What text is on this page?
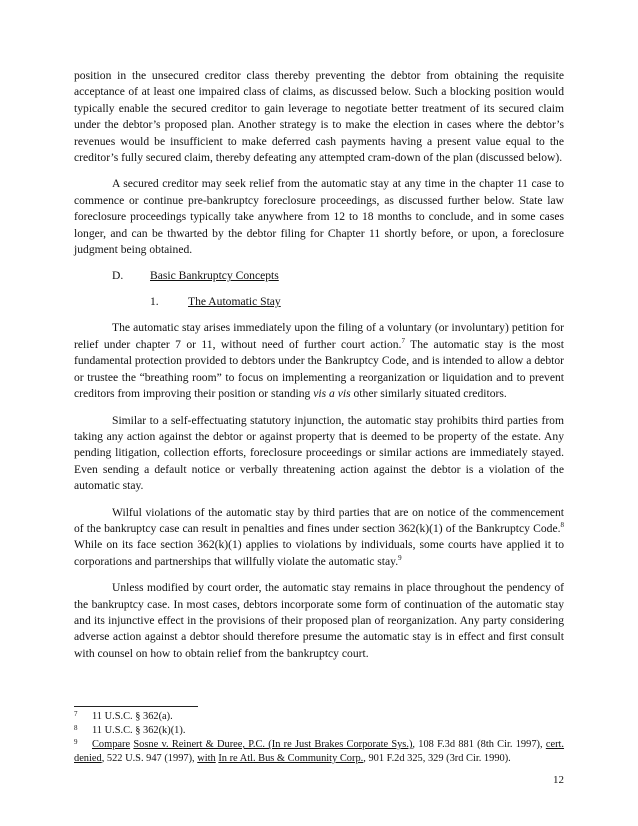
position in the unsecured creditor class thereby preventing the debtor from obtaining the requisite acceptance of at least one impaired class of claims, as discussed below. Such a blocking position would typically enable the secured creditor to gain leverage to negotiate better treatment of its secured claim under the debtor’s proposed plan. Another strategy is to make the election in cases where the debtor’s revenues would be insufficient to make deferred cash payments having a present value equal to the creditor’s fully secured claim, thereby defeating any attempted cram-down of the plan (discussed below).

A secured creditor may seek relief from the automatic stay at any time in the chapter 11 case to commence or continue pre-bankruptcy foreclosure proceedings, as discussed further below. State law foreclosure proceedings typically take anywhere from 12 to 18 months to conclude, and in some cases longer, and can be thwarted by the debtor filing for Chapter 11 shortly before, or upon, a foreclosure judgment being obtained.

D. Basic Bankruptcy Concepts
1.	The Automatic Stay

The automatic stay arises immediately upon the filing of a voluntary (or involuntary) petition for relief under chapter 7 or 11, without need of further court action.$^7$ The automatic stay is the most fundamental protection provided to debtors under the Bankruptcy Code, and is intended to allow a debtor or trustee the “breathing room” to focus on implementing a reorganization or liquidation and to prevent creditors from improving their position or standing vis a vis other similarly situated creditors.

Similar to a self-effectuating statutory injunction, the automatic stay prohibits third parties from taking any action against the debtor or against property that is deemed to be property of the estate. Any pending litigation, collection efforts, foreclosure proceedings or similar actions are immediately stayed. Even sending a default notice or verbally threatening action against the debtor is a violation of the automatic stay.

Wilful violations of the automatic stay by third parties that are on notice of the commencement of the bankruptcy case can result in penalties and fines under section 362(k)(1) of the Bankruptcy Code.$^8$ While on its face section 362(k)(1) applies to violations by individuals, some courts have applied it to corporations and partnerships that willfully violate the automatic stay.$^9$

Unless modified by court order, the automatic stay remains in place throughout the pendency of the bankruptcy case. In most cases, debtors incorporate some form of continuation of the automatic stay and its injunctive effect in the provisions of their proposed plan of reorganization. Any party considering adverse action against a debtor should therefore presume the automatic stay is in effect and first consult with counsel on how to obtain relief from the bankruptcy court.

7	11 U.S.C. § 362(a).
8	11 U.S.C. § 362(k)(1).
9	Compare Sosne v. Reinert & Duree, P.C. (In re Just Brakes Corporate Sys.), 108 F.3d 881 (8th Cir. 1997), cert. denied, 522 U.S. 947 (1997), with In re Atl. Bus & Community Corp., 901 F.2d 325, 329 (3rd Cir. 1990).
12
